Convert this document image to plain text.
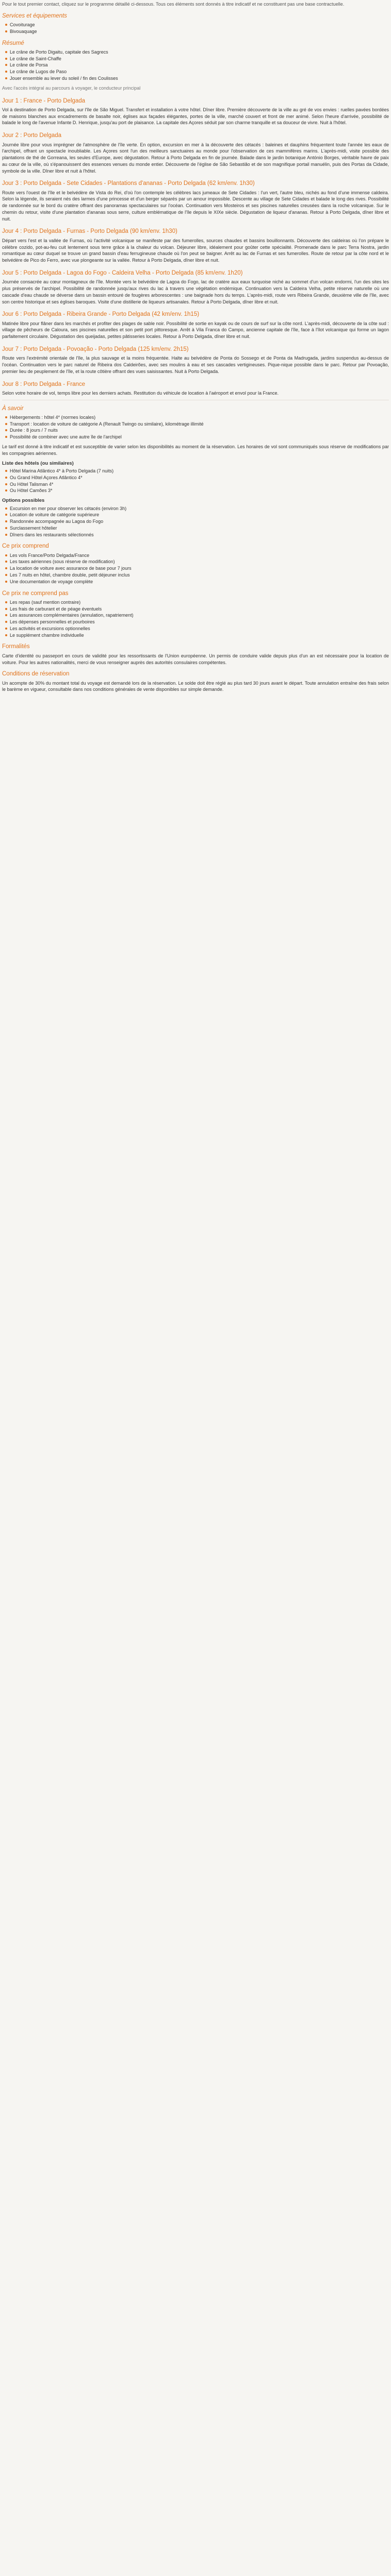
Pour le tout premier contact, cliquez sur le programme détaillé ci-dessous. Tous ces éléments sont donnés à titre indicatif et ne constituent pas une base contractuelle.

Services et équipements
Covoiturage
Bivouaquage
Résumé
Le crâne de Porto Digaitu, capitale des Sagrecs
Le crâne de Saint-Chaffe
Le crâne de Porsa
Le crâne de Lugos de Paso
Jouer ensemble au lever du soleil / fin des Coulisses

Avec l'accès intégral au parcours à voyager, le conducteur principal

Jour 1 : France - Porto Delgada

Vol à destination de Porto Delgada, sur l'île de São Miguel. Transfert et installation à votre hôtel. Dîner libre. Première découverte de la ville au gré de vos envies : ruelles pavées bordées de maisons blanches aux encadrements de basalte noir, églises aux façades élégantes, portes de la ville, marché couvert et front de mer animé. Selon l'heure d'arrivée, possibilité de balade le long de l'avenue Infante D. Henrique, jusqu'au port de plaisance. La capitale des Açores séduit par son charme tranquille et sa douceur de vivre. Nuit à l'hôtel.

Jour 2 : Porto Delgada

Journée libre pour vous imprégner de l'atmosphère de l'île verte. En option, excursion en mer à la découverte des cétacés : baleines et dauphins fréquentent toute l'année les eaux de l'archipel, offrant un spectacle inoubliable. Les Açores sont l'un des meilleurs sanctuaires au monde pour l'observation de ces mammifères marins. L'après-midi, visite possible des plantations de thé de Gorreana, les seules d'Europe, avec dégustation. Retour à Porto Delgada en fin de journée. Balade dans le jardin botanique António Borges, véritable havre de paix au cœur de la ville, où s'épanouissent des essences venues du monde entier. Découverte de l'église de São Sebastião et de son magnifique portail manuélin, puis des Portas da Cidade, symbole de la ville. Dîner libre et nuit à l'hôtel.

Jour 3 : Porto Delgada - Sete Cidades - Plantations d'ananas - Porto Delgada (62 km/env. 1h30)

Route vers l'ouest de l'île et le belvédère de Vista do Rei, d'où l'on contemple les célèbres lacs jumeaux de Sete Cidades : l'un vert, l'autre bleu, nichés au fond d'une immense caldeira. Selon la légende, ils seraient nés des larmes d'une princesse et d'un berger séparés par un amour impossible. Descente au village de Sete Cidades et balade le long des rives. Possibilité de randonnée sur le bord du cratère offrant des panoramas spectaculaires sur l'océan. Continuation vers Mosteiros et ses piscines naturelles creusées dans la roche volcanique. Sur le chemin du retour, visite d'une plantation d'ananas sous serre, culture emblématique de l'île depuis le XIXe siècle. Dégustation de liqueur d'ananas. Retour à Porto Delgada, dîner libre et nuit.

Jour 4 : Porto Delgada - Furnas - Porto Delgada (90 km/env. 1h30)

Départ vers l'est et la vallée de Furnas, où l'activité volcanique se manifeste par des fumerolles, sources chaudes et bassins bouillonnants. Découverte des caldeiras où l'on prépare le célèbre cozido, pot-au-feu cuit lentement sous terre grâce à la chaleur du volcan. Déjeuner libre, idéalement pour goûter cette spécialité. Promenade dans le parc Terra Nostra, jardin romantique au cœur duquel se trouve un grand bassin d'eau ferrugineuse chaude où l'on peut se baigner. Arrêt au lac de Furnas et ses fumerolles. Route de retour par la côte nord et le belvédère de Pico do Ferro, avec vue plongeante sur la vallée. Retour à Porto Delgada, dîner libre et nuit.

Jour 5 : Porto Delgada - Lagoa do Fogo - Caldeira Velha - Porto Delgada (85 km/env. 1h20)

Journée consacrée au cœur montagneux de l'île. Montée vers le belvédère de Lagoa do Fogo, lac de cratère aux eaux turquoise niché au sommet d'un volcan endormi, l'un des sites les plus préservés de l'archipel. Possibilité de randonnée jusqu'aux rives du lac à travers une végétation endémique. Continuation vers la Caldeira Velha, petite réserve naturelle où une cascade d'eau chaude se déverse dans un bassin entouré de fougères arborescentes : une baignade hors du temps. L'après-midi, route vers Ribeira Grande, deuxième ville de l'île, avec son centre historique et ses églises baroques. Visite d'une distillerie de liqueurs artisanales. Retour à Porto Delgada, dîner libre et nuit.

Jour 6 : Porto Delgada - Ribeira Grande - Porto Delgada (42 km/env. 1h15)

Matinée libre pour flâner dans les marchés et profiter des plages de sable noir. Possibilité de sortie en kayak ou de cours de surf sur la côte nord. L'après-midi, découverte de la côte sud : village de pêcheurs de Caloura, ses piscines naturelles et son petit port pittoresque. Arrêt à Vila Franca do Campo, ancienne capitale de l'île, face à l'îlot volcanique qui forme un lagon parfaitement circulaire. Dégustation des queijadas, petites pâtisseries locales. Retour à Porto Delgada, dîner libre et nuit.

Jour 7 : Porto Delgada - Povoação - Porto Delgada (125 km/env. 2h15)

Route vers l'extrémité orientale de l'île, la plus sauvage et la moins fréquentée. Halte au belvédère de Ponta do Sossego et de Ponta da Madrugada, jardins suspendus au-dessus de l'océan. Continuation vers le parc naturel de Ribeira dos Caldeirões, avec ses moulins à eau et ses cascades vertigineuses. Pique-nique possible dans le parc. Retour par Povoação, premier lieu de peuplement de l'île, et la route côtière offrant des vues saisissantes. Nuit à Porto Delgada.

Jour 8 : Porto Delgada - France

Selon votre horaire de vol, temps libre pour les derniers achats. Restitution du véhicule de location à l'aéroport et envol pour la France.

À savoir
Hébergements : hôtel 4* (normes locales)
Transport : location de voiture de catégorie A (Renault Twingo ou similaire), kilométrage illimité
Durée : 8 jours / 7 nuits
Possibilité de combiner avec une autre île de l'archipel

Le tarif est donné à titre indicatif et est susceptible de varier selon les disponibilités au moment de la réservation. Les horaires de vol sont communiqués sous réserve de modifications par les compagnies aériennes.

Liste des hôtels (ou similaires)
Hôtel Marina Atlântico 4* à Porto Delgada (7 nuits)
Ou Grand Hôtel Açores Atlântico 4*
Ou Hôtel Talisman 4*
Ou Hôtel Camões 3*
Options possibles
Excursion en mer pour observer les cétacés (environ 3h)
Location de voiture de catégorie supérieure
Randonnée accompagnée au Lagoa do Fogo
Surclassement hôtelier
Dîners dans les restaurants sélectionnés
Ce prix comprend
Les vols France/Porto Delgada/France
Les taxes aériennes (sous réserve de modification)
La location de voiture avec assurance de base pour 7 jours
Les 7 nuits en hôtel, chambre double, petit déjeuner inclus
Une documentation de voyage complète
Ce prix ne comprend pas
Les repas (sauf mention contraire)
Les frais de carburant et de péage éventuels
Les assurances complémentaires (annulation, rapatriement)
Les dépenses personnelles et pourboires
Les activités et excursions optionnelles
Le supplément chambre individuelle
Formalités

Carte d'identité ou passeport en cours de validité pour les ressortissants de l'Union européenne. Un permis de conduire valide depuis plus d'un an est nécessaire pour la location de voiture. Pour les autres nationalités, merci de vous renseigner auprès des autorités consulaires compétentes.

Conditions de réservation

Un acompte de 30% du montant total du voyage est demandé lors de la réservation. Le solde doit être réglé au plus tard 30 jours avant le départ. Toute annulation entraîne des frais selon le barème en vigueur, consultable dans nos conditions générales de vente disponibles sur simple demande.
